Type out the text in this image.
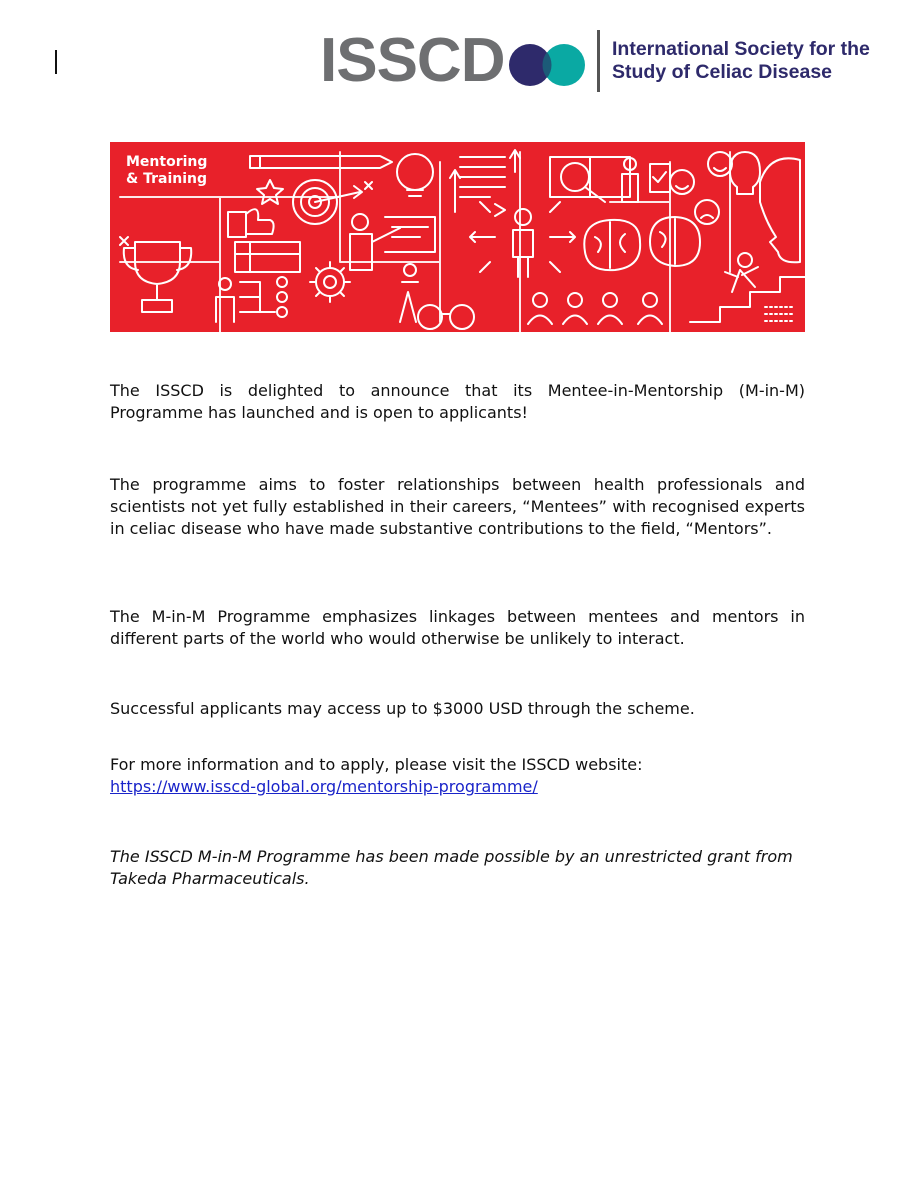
ISSCD	International Society for the
Study of Celiac Disease
Mentoring
& Training

The ISSCD is delighted to announce that its Mentee-in-Mentorship (M-in-M) Programme has launched and is open to applicants!

The programme aims to foster relationships between health professionals and scientists not yet fully established in their careers, “Mentees” with recognised experts in celiac disease who have made substantive contributions to the field, “Mentors”.

The M-in-M Programme emphasizes linkages between mentees and mentors in different parts of the world who would otherwise be unlikely to interact.

Successful applicants may access up to $3000 USD through the scheme.

For more information and to apply, please visit the ISSCD website:
https://www.isscd-global.org/mentorship-programme/

The ISSCD M-in-M Programme has been made possible by an unrestricted grant from Takeda Pharmaceuticals.
